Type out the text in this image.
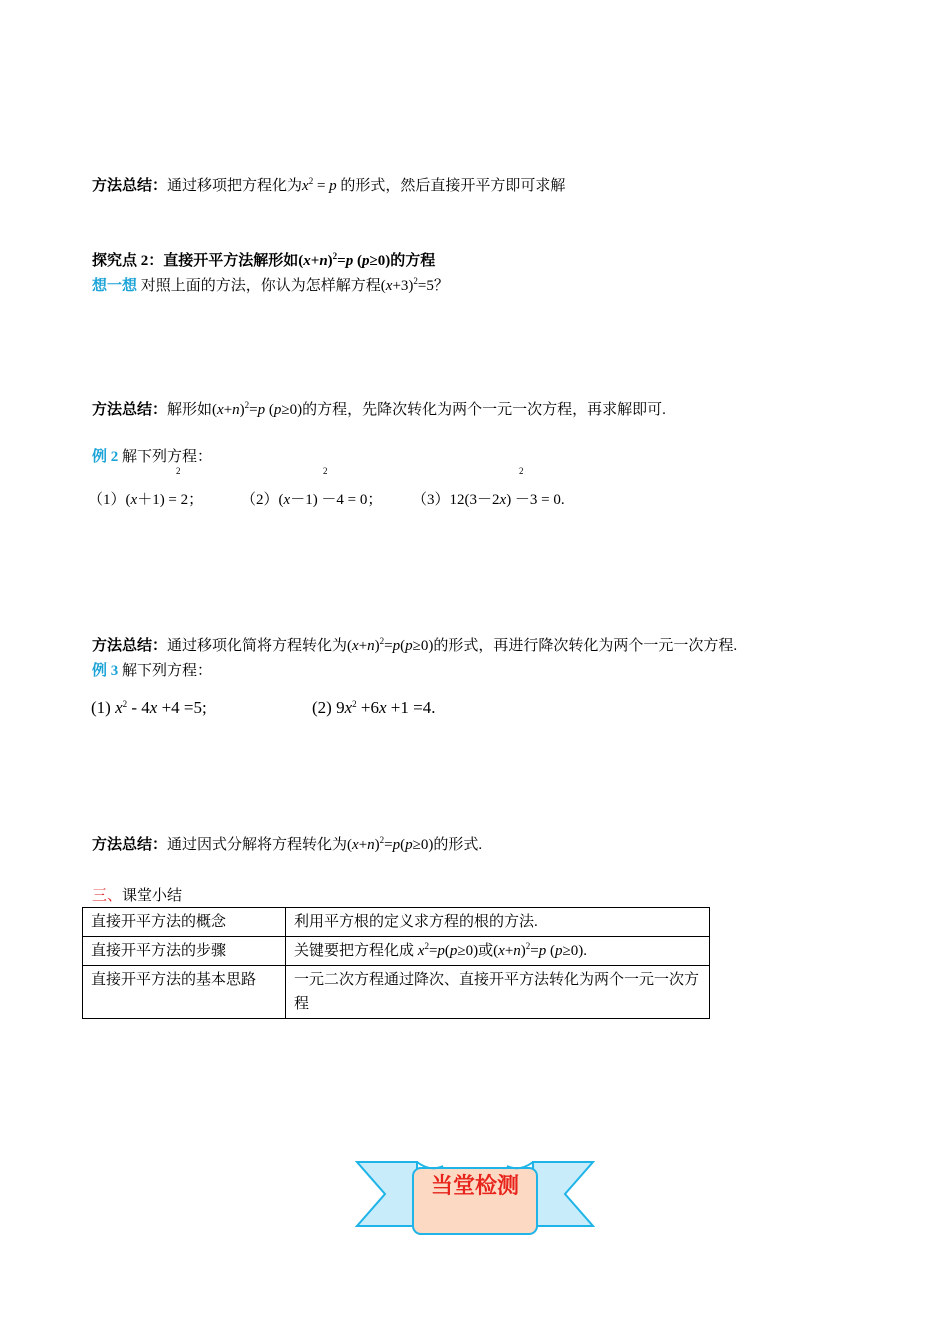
方法总结：通过移项把方程化为$x^2 = p$ 的形式，然后直接开平方即可求解
探究点 2：直接开平方法解形如$(x+n)^2=p$ (p≥0)的方程
想一想 对照上面的方法，你认为怎样解方程$(x+3)^2=5$？
方法总结：解形如$(x+n)^2=p$ (p≥0)的方程，先降次转化为两个一元一次方程，再求解即可.
例 2 解下列方程：
2	2	2
（1）(x＋1) = 2；	（2）(x－1) －4 = 0； （3）12(3－2x) －3 = 0.
方法总结：通过移项化简将方程转化为$(x+n)^2=p(p\ge 0)$的形式，再进行降次转化为两个一元一次方程.
例 3 解下列方程：
(1) $x^2 - 4x +4 =5$;	(2) $9x^2 +6x +1 =4$.
方法总结：通过因式分解将方程转化为$(x+n)^2=p(p\ge 0)$的形式.
三、课堂小结
直接开平方法的概念	利用平方根的定义求方程的根的方法.
直接开平方法的步骤	关键要把方程化成 $x^2=p(p\ge 0)$或$(x+n)^2=p$ (p≥0).
直接开平方法的基本思路	一元二次方程通过降次、直接开平方法转化为两个一元一次方程
当堂检测
